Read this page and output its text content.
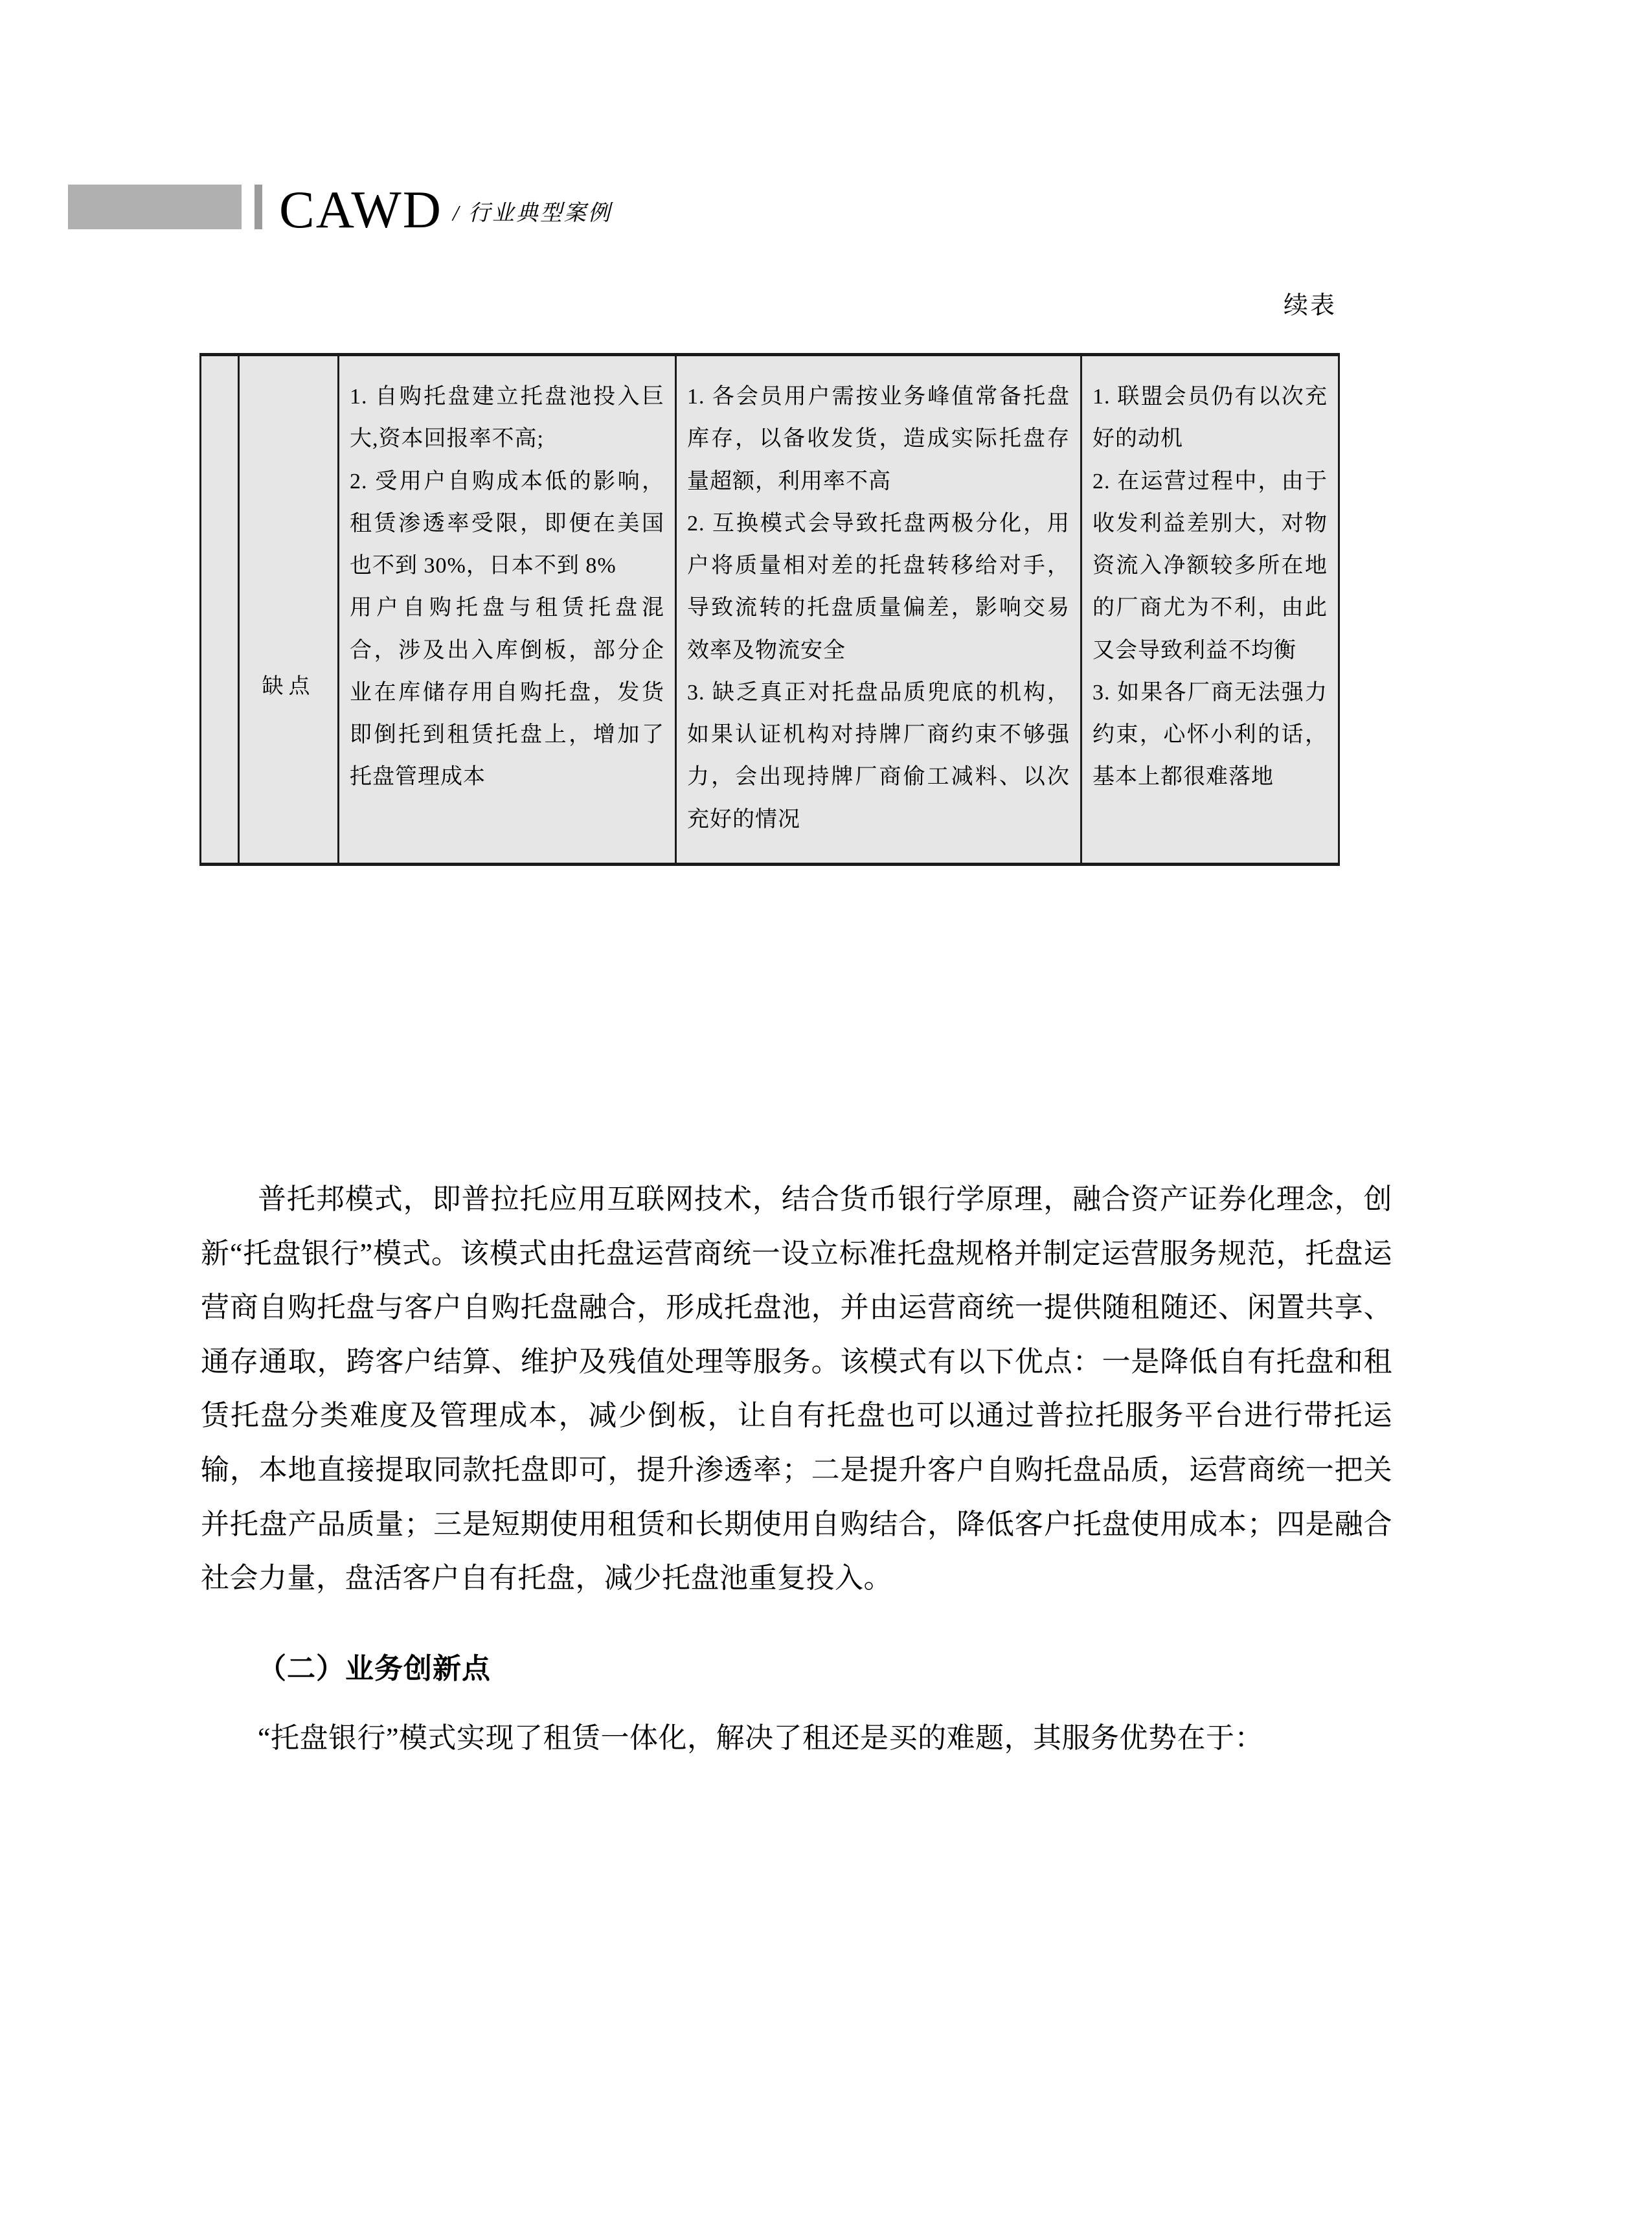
CAWD / 行业典型案例
续表
	缺点	
1. 自购托盘建立托盘池投入巨大,资本回报率不高;
2. 受用户自购成本低的影响，租赁渗透率受限，即便在美国也不到 30%，日本不到 8%
用户自购托盘与租赁托盘混合，涉及出入库倒板，部分企业在库储存用自购托盘，发货即倒托到租赁托盘上，增加了托盘管理成本

1. 各会员用户需按业务峰值常备托盘库存，以备收发货，造成实际托盘存量超额，利用率不高
2. 互换模式会导致托盘两极分化，用户将质量相对差的托盘转移给对手，导致流转的托盘质量偏差，影响交易效率及物流安全
3. 缺乏真正对托盘品质兜底的机构，如果认证机构对持牌厂商约束不够强力，会出现持牌厂商偷工减料、以次充好的情况

1. 联盟会员仍有以次充好的动机
2. 在运营过程中，由于收发利益差别大，对物资流入净额较多所在地的厂商尤为不利，由此又会导致利益不均衡
3. 如果各厂商无法强力约束，心怀小利的话，基本上都很难落地

普托邦模式，即普拉托应用互联网技术，结合货币银行学原理，融合资产证券化理念，创新“托盘银行”模式。该模式由托盘运营商统一设立标准托盘规格并制定运营服务规范，托盘运营商自购托盘与客户自购托盘融合，形成托盘池，并由运营商统一提供随租随还、闲置共享、通存通取，跨客户结算、维护及残值处理等服务。该模式有以下优点：一是降低自有托盘和租赁托盘分类难度及管理成本，减少倒板，让自有托盘也可以通过普拉托服务平台进行带托运输，本地直接提取同款托盘即可，提升渗透率；二是提升客户自购托盘品质，运营商统一把关并托盘产品质量；三是短期使用租赁和长期使用自购结合，降低客户托盘使用成本；四是融合社会力量，盘活客户自有托盘，减少托盘池重复投入。

（二）业务创新点

“托盘银行”模式实现了租赁一体化，解决了租还是买的难题，其服务优势在于：
